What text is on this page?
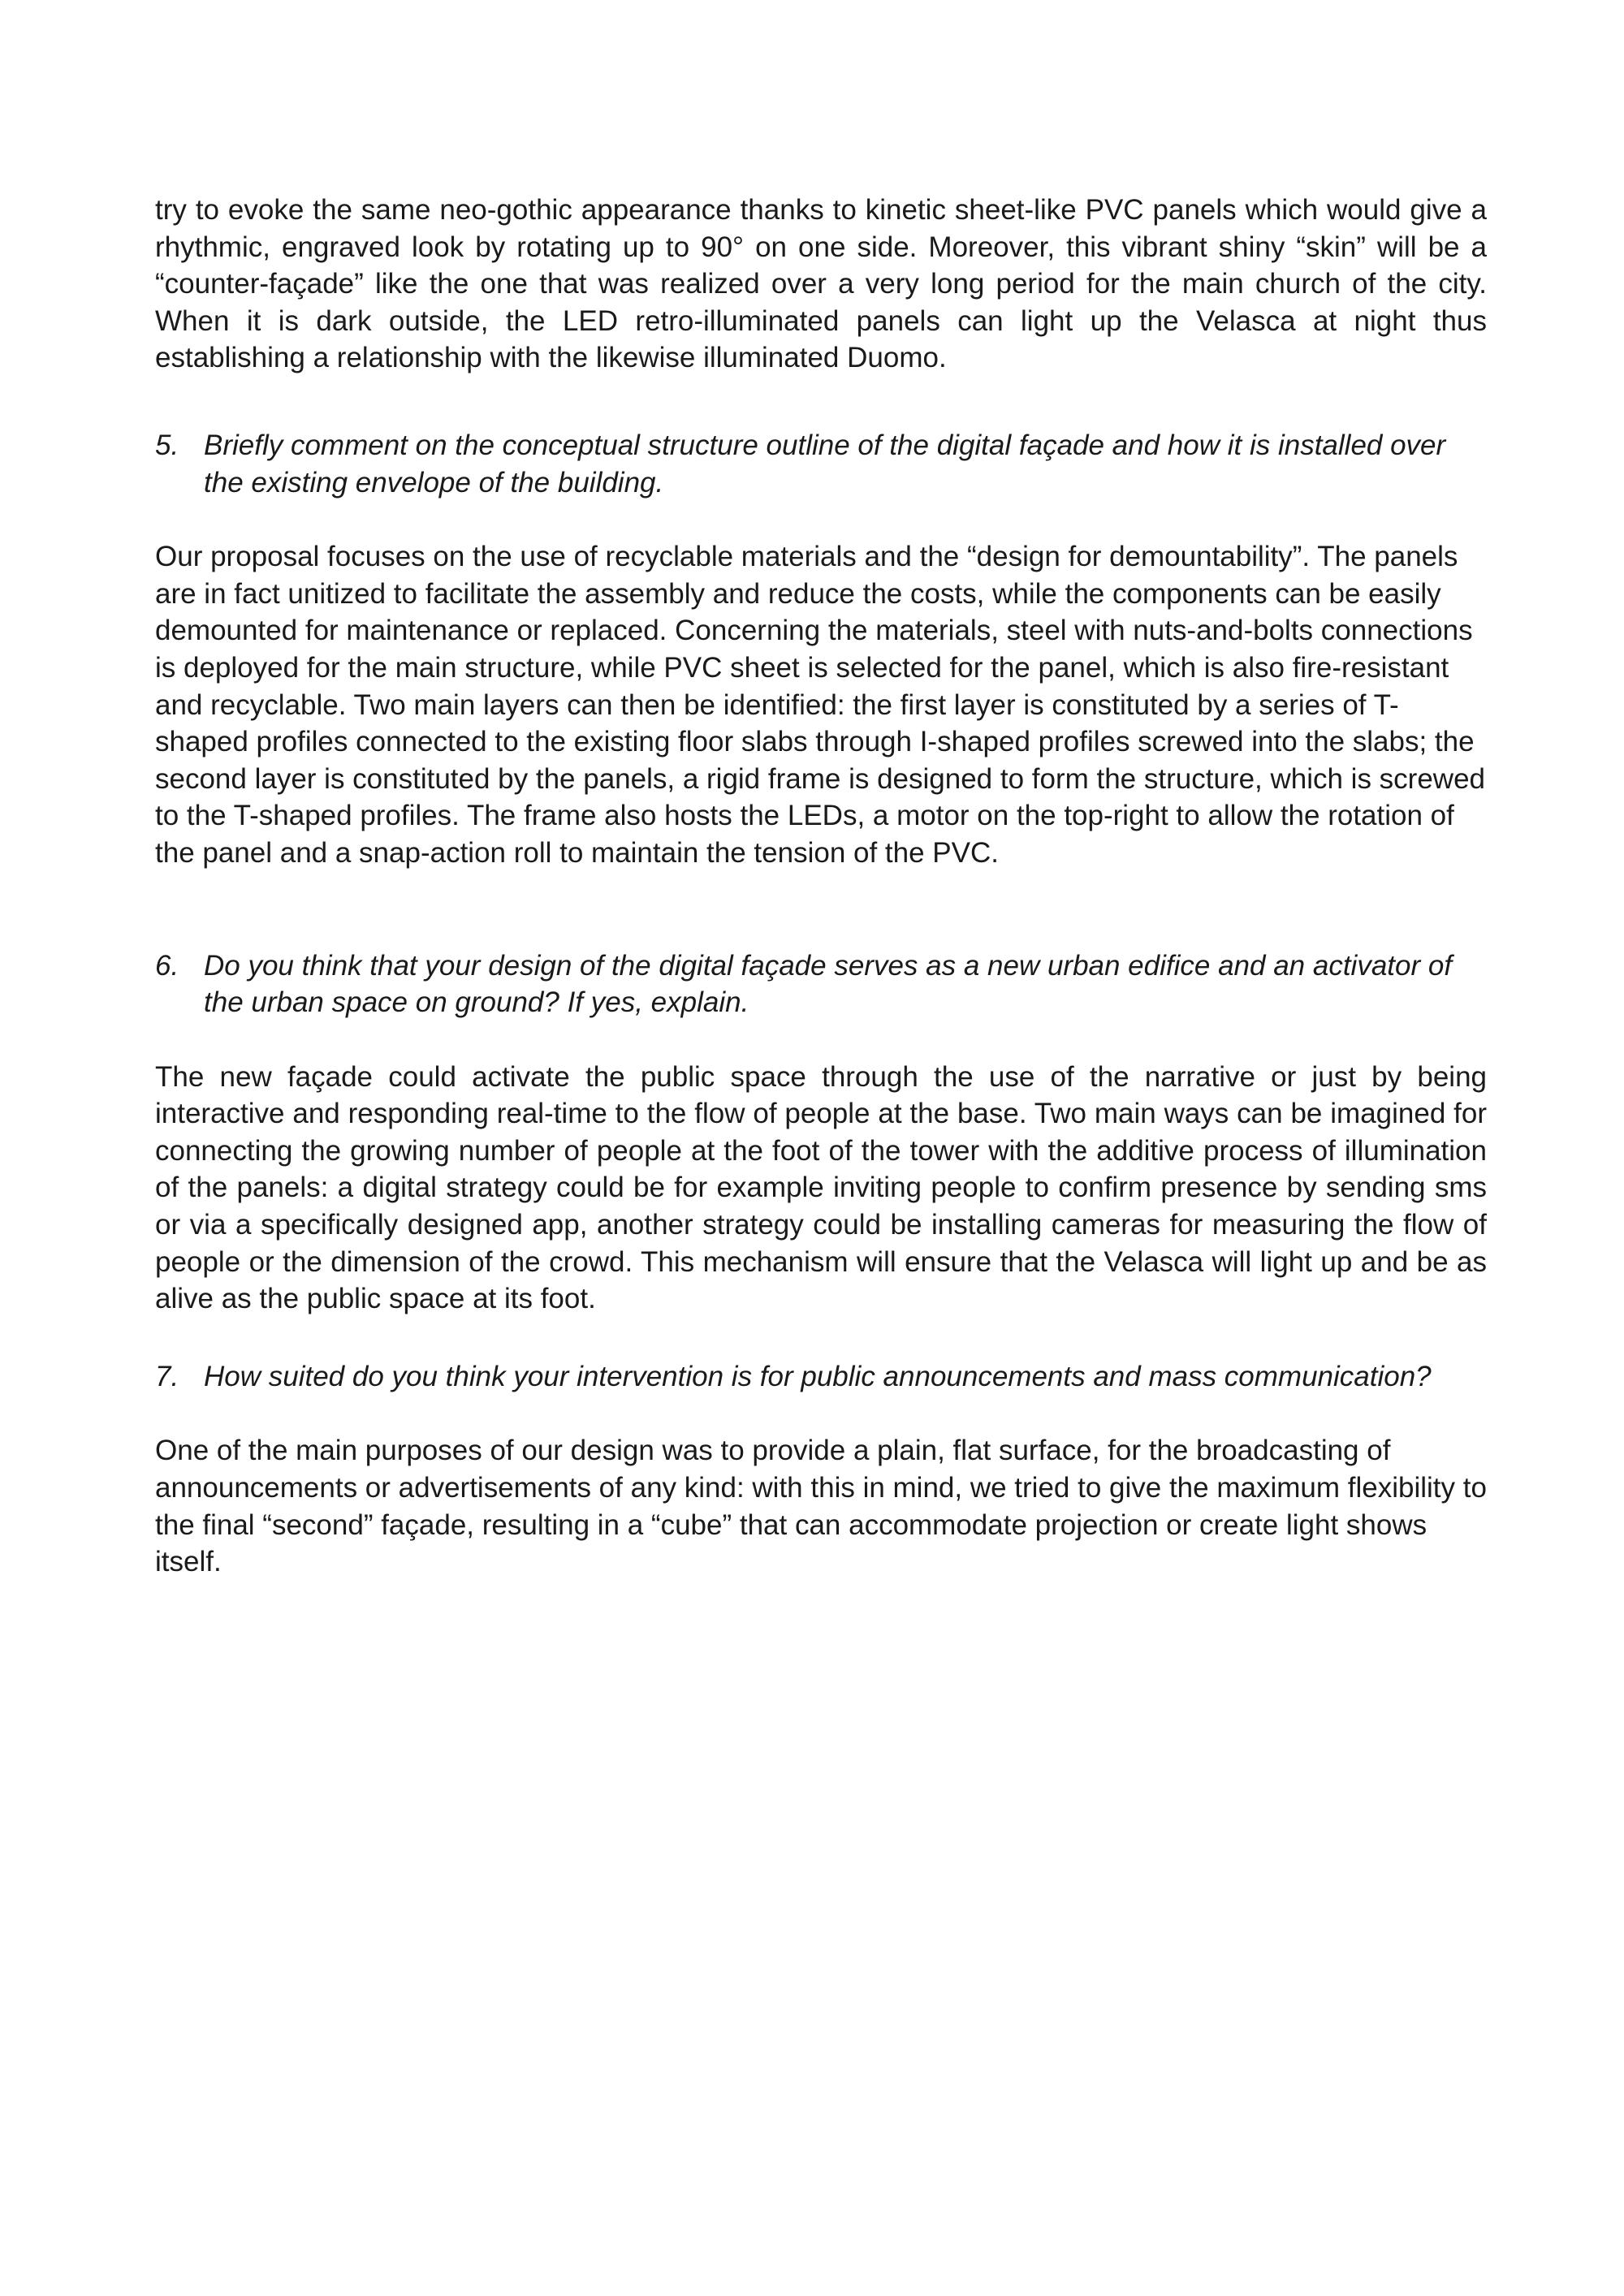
try to evoke the same neo-gothic appearance thanks to kinetic sheet-like PVC panels which would give a rhythmic, engraved look by rotating up to 90° on one side. Moreover, this vibrant shiny “skin” will be a “counter-façade” like the one that was realized over a very long period for the main church of the city. When it is dark outside, the LED retro-illuminated panels can light up the Velasca at night thus establishing a relationship with the likewise illuminated Duomo.

5. Briefly comment on the conceptual structure outline of the digital façade and how it is installed over the existing envelope of the building.

Our proposal focuses on the use of recyclable materials and the “design for demountability”. The panels are in fact unitized to facilitate the assembly and reduce the costs, while the components can be easily demounted for maintenance or replaced. Concerning the materials, steel with nuts-and-bolts connections is deployed for the main structure, while PVC sheet is selected for the panel, which is also fire-resistant and recyclable. Two main layers can then be identified: the first layer is constituted by a series of T-shaped profiles connected to the existing floor slabs through I-shaped profiles screwed into the slabs; the second layer is constituted by the panels, a rigid frame is designed to form the structure, which is screwed to the T-shaped profiles. The frame also hosts the LEDs, a motor on the top-right to allow the rotation of the panel and a snap-action roll to maintain the tension of the PVC.

6. Do you think that your design of the digital façade serves as a new urban edifice and an activator of the urban space on ground? If yes, explain.

The new façade could activate the public space through the use of the narrative or just by being interactive and responding real-time to the flow of people at the base. Two main ways can be imagined for connecting the growing number of people at the foot of the tower with the additive process of illumination of the panels: a digital strategy could be for example inviting people to confirm presence by sending sms or via a specifically designed app, another strategy could be installing cameras for measuring the flow of people or the dimension of the crowd. This mechanism will ensure that the Velasca will light up and be as alive as the public space at its foot.

7. How suited do you think your intervention is for public announcements and mass communication?

One of the main purposes of our design was to provide a plain, flat surface, for the broadcasting of announcements or advertisements of any kind: with this in mind, we tried to give the maximum flexibility to the final “second” façade, resulting in a “cube” that can accommodate projection or create light shows itself.
